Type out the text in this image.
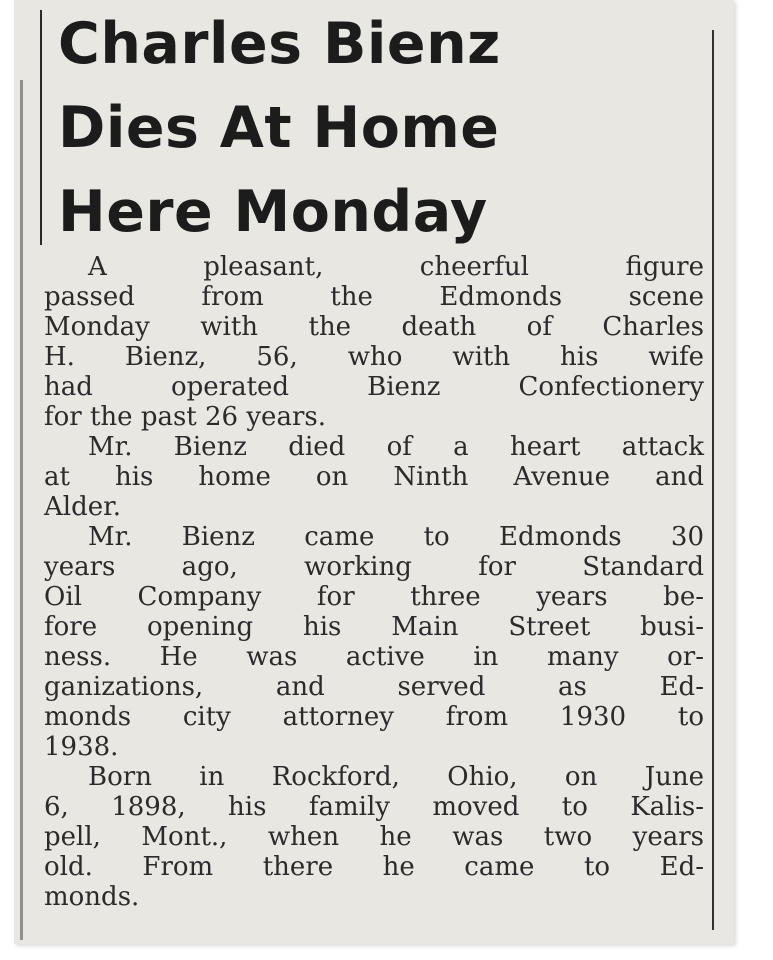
Charles Bienz
Dies At Home
Here Monday
A pleasant, cheerful figure
passed from the Edmonds scene
Monday with the death of Charles
H. Bienz, 56, who with his wife
had operated Bienz Confectionery
for the past 26 years.
Mr. Bienz died of a heart attack
at his home on Ninth Avenue and
Alder.
Mr. Bienz came to Edmonds 30
years ago, working for Standard
Oil Company for three years be-
fore opening his Main Street busi-
ness. He was active in many or-
ganizations, and served as Ed-
monds city attorney from 1930 to
1938.
Born in Rockford, Ohio, on June
6, 1898, his family moved to Kalis-
pell, Mont., when he was two years
old. From there he came to Ed-
monds.
